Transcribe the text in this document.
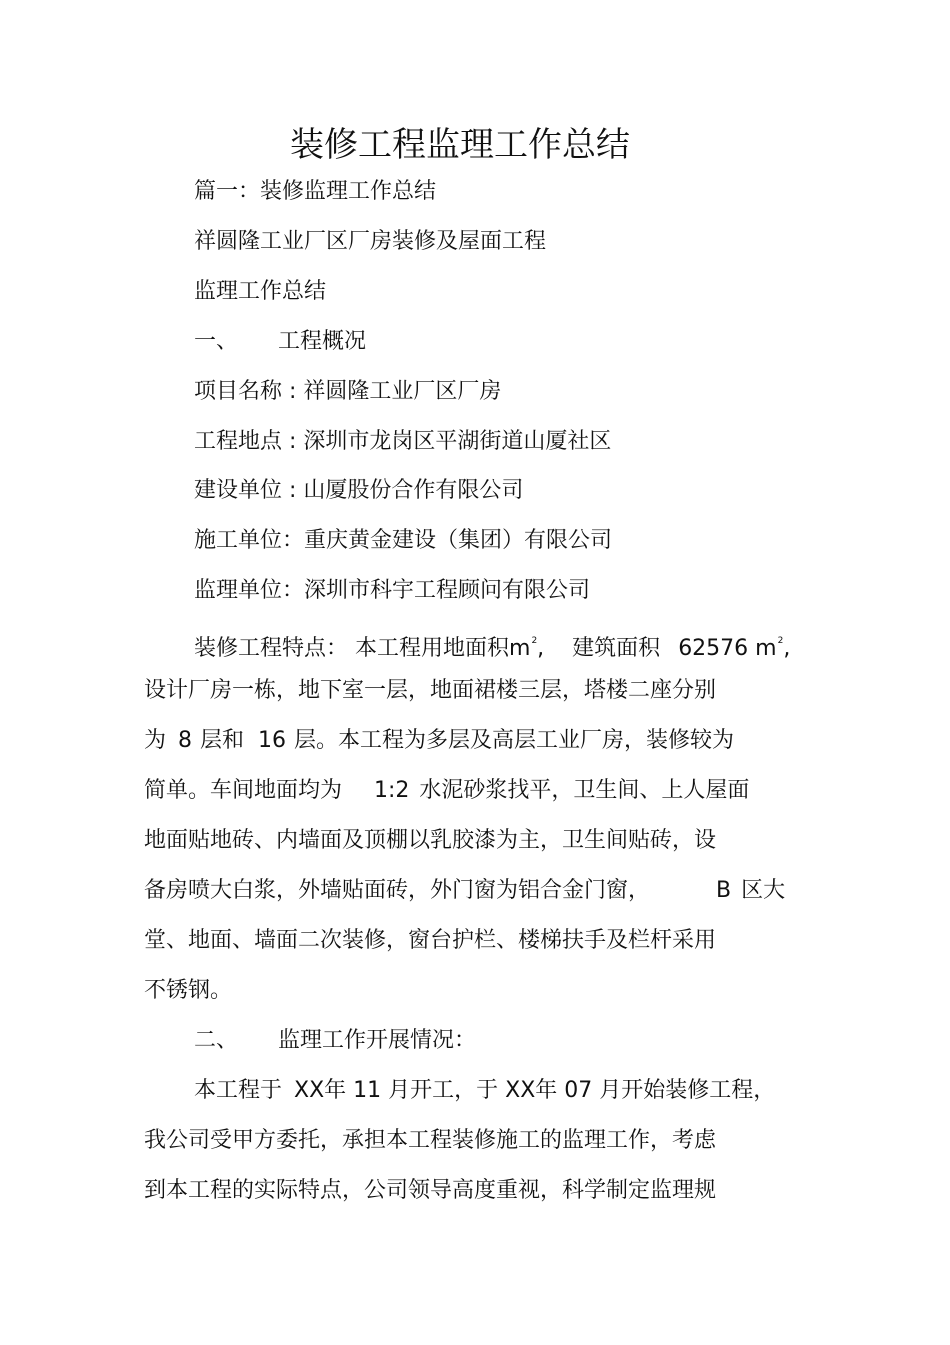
装修工程监理工作总结
篇一：装修监理工作总结
祥圆隆工业厂区厂房装修及屋面工程
监理工作总结
一、 工程概况
项目名称 : 祥圆隆工业厂区厂房
工程地点 : 深圳市龙岗区平湖街道山厦社区
建设单位 : 山厦股份合作有限公司
施工单位：重庆黄金建设（集团）有限公司
监理单位：深圳市科宇工程顾问有限公司
装修工程特点： 本工程用地面积$m^2$, 建筑面积 62576 $m^2$,
设计厂房一栋，地下室一层，地面裙楼三层，塔楼二座分别
为 8 层和 16 层。本工程为多层及高层工业厂房，装修较为
简单。车间地面均为 1:2 水泥砂浆找平，卫生间、上人屋面
地面贴地砖、内墙面及顶棚以乳胶漆为主，卫生间贴砖，设
备房喷大白浆，外墙贴面砖，外门窗为铝合金门窗，	B 区大
堂、地面、墙面二次装修，窗台护栏、楼梯扶手及栏杆采用
不锈钢。
二、 监理工作开展情况：
本工程于 XX年 11 月开工，于 XX年 07 月开始装修工程，
我公司受甲方委托，承担本工程装修施工的监理工作，考虑
到本工程的实际特点，公司领导高度重视，科学制定监理规
